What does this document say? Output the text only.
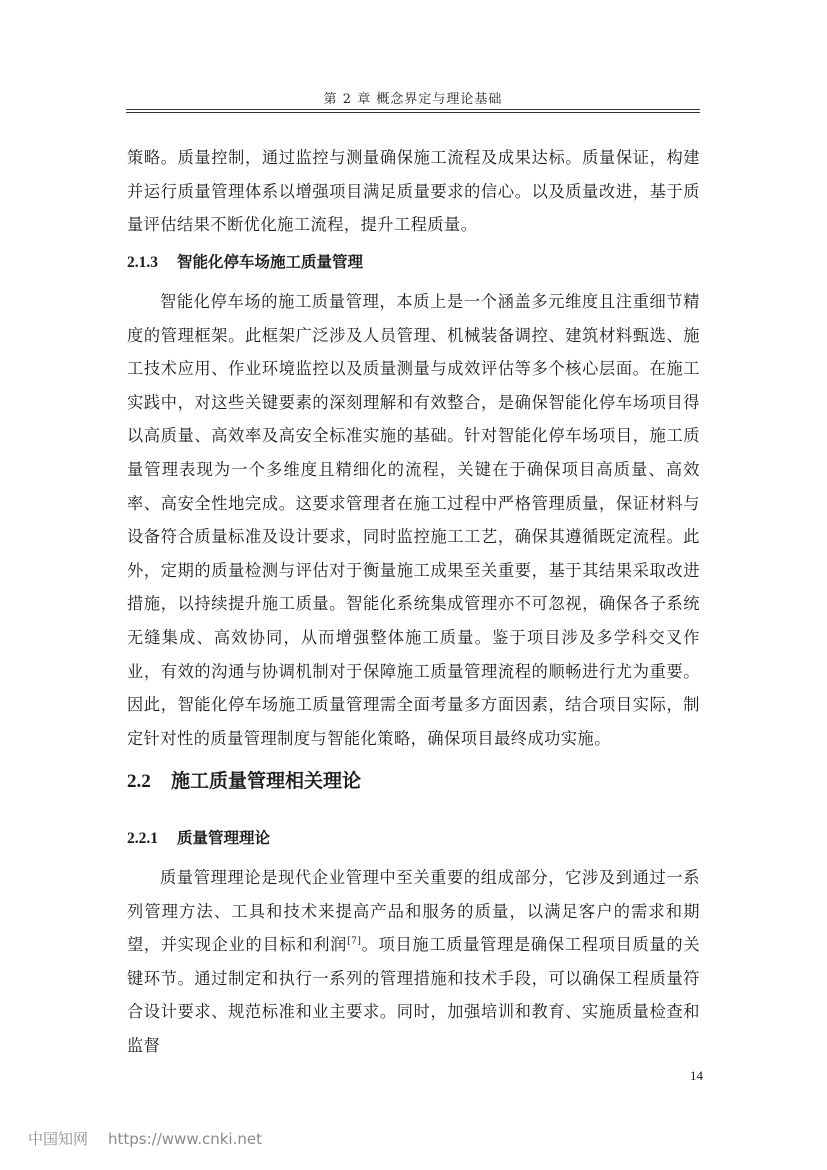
第 2 章 概念界定与理论基础

策略。质量控制，通过监控与测量确保施工流程及成果达标。质量保证，构建并运行质量管理体系以增强项目满足质量要求的信心。以及质量改进，基于质量评估结果不断优化施工流程，提升工程质量。

2.1.3 智能化停车场施工质量管理

智能化停车场的施工质量管理，本质上是一个涵盖多元维度且注重细节精度的管理框架。此框架广泛涉及人员管理、机械装备调控、建筑材料甄选、施工技术应用、作业环境监控以及质量测量与成效评估等多个核心层面。在施工实践中，对这些关键要素的深刻理解和有效整合，是确保智能化停车场项目得以高质量、高效率及高安全标准实施的基础。针对智能化停车场项目，施工质量管理表现为一个多维度且精细化的流程，关键在于确保项目高质量、高效率、高安全性地完成。这要求管理者在施工过程中严格管理质量，保证材料与设备符合质量标准及设计要求，同时监控施工工艺，确保其遵循既定流程。此外，定期的质量检测与评估对于衡量施工成果至关重要，基于其结果采取改进措施，以持续提升施工质量。智能化系统集成管理亦不可忽视，确保各子系统无缝集成、高效协同，从而增强整体施工质量。鉴于项目涉及多学科交叉作业，有效的沟通与协调机制对于保障施工质量管理流程的顺畅进行尤为重要。因此，智能化停车场施工质量管理需全面考量多方面因素，结合项目实际，制定针对性的质量管理制度与智能化策略，确保项目最终成功实施。

2.2 施工质量管理相关理论
2.2.1 质量管理理论

质量管理理论是现代企业管理中至关重要的组成部分，它涉及到通过一系列管理方法、工具和技术来提高产品和服务的质量，以满足客户的需求和期望，并实现企业的目标和利润[7]。项目施工质量管理是确保工程项目质量的关键环节。通过制定和执行一系列的管理措施和技术手段，可以确保工程质量符合设计要求、规范标准和业主要求。同时，加强培训和教育、实施质量检查和监督

14
中国知网 https://www.cnki.net
